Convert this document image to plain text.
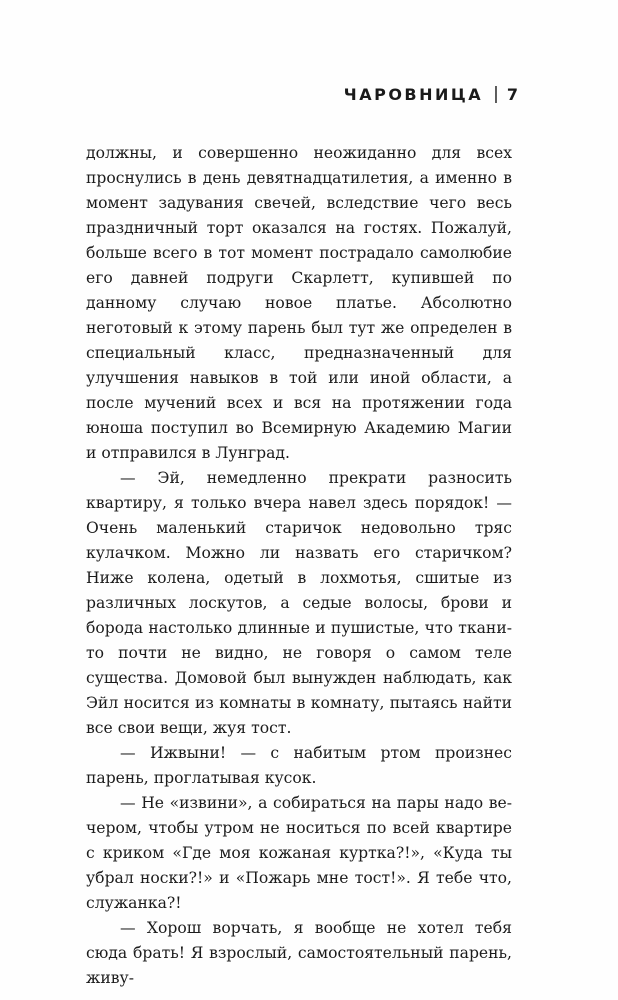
ЧАРОВНИЦА | 7

должны, и совершенно неожиданно для всех проснулись в день девятнадцатилетия, а именно в момент задувания свечей, вследствие чего весь праздничный торт оказался на гостях. Пожалуй, больше всего в тот момент пострадало самолюбие его давней подруги Скарлетт, купившей по данному случаю новое платье. Абсолютно неготовый к этому парень был тут же определен в специальный класс, предназначенный для улучшения навыков в той или иной области, а после мучений всех и вся на протяжении года юноша поступил во Всемирную Академию Магии и отправился в Лунград.

— Эй, немедленно прекрати разносить квартиру, я только вчера навел здесь порядок! — Очень маленький старичок недовольно тряс кулачком. Можно ли назвать его старичком? Ниже колена, одетый в лохмотья, сшитые из различных лоскутов, а седые волосы, брови и борода настолько длинные и пушистые, что ткани-то почти не видно, не говоря о самом теле существа. Домовой был вынужден наблюдать, как Эйл носится из комнаты в комнату, пытаясь найти все свои вещи, жуя тост.

— Ижвыни! — с набитым ртом произнес парень, проглатывая кусок.

— Не «извини», а собираться на пары надо вечером, чтобы утром не носиться по всей квартире с криком «Где моя кожаная куртка?!», «Куда ты убрал носки?!» и «Пожарь мне тост!». Я тебе что, служанка?!

— Хорош ворчать, я вообще не хотел тебя сюда брать! Я взрослый, самостоятельный парень, живу-
